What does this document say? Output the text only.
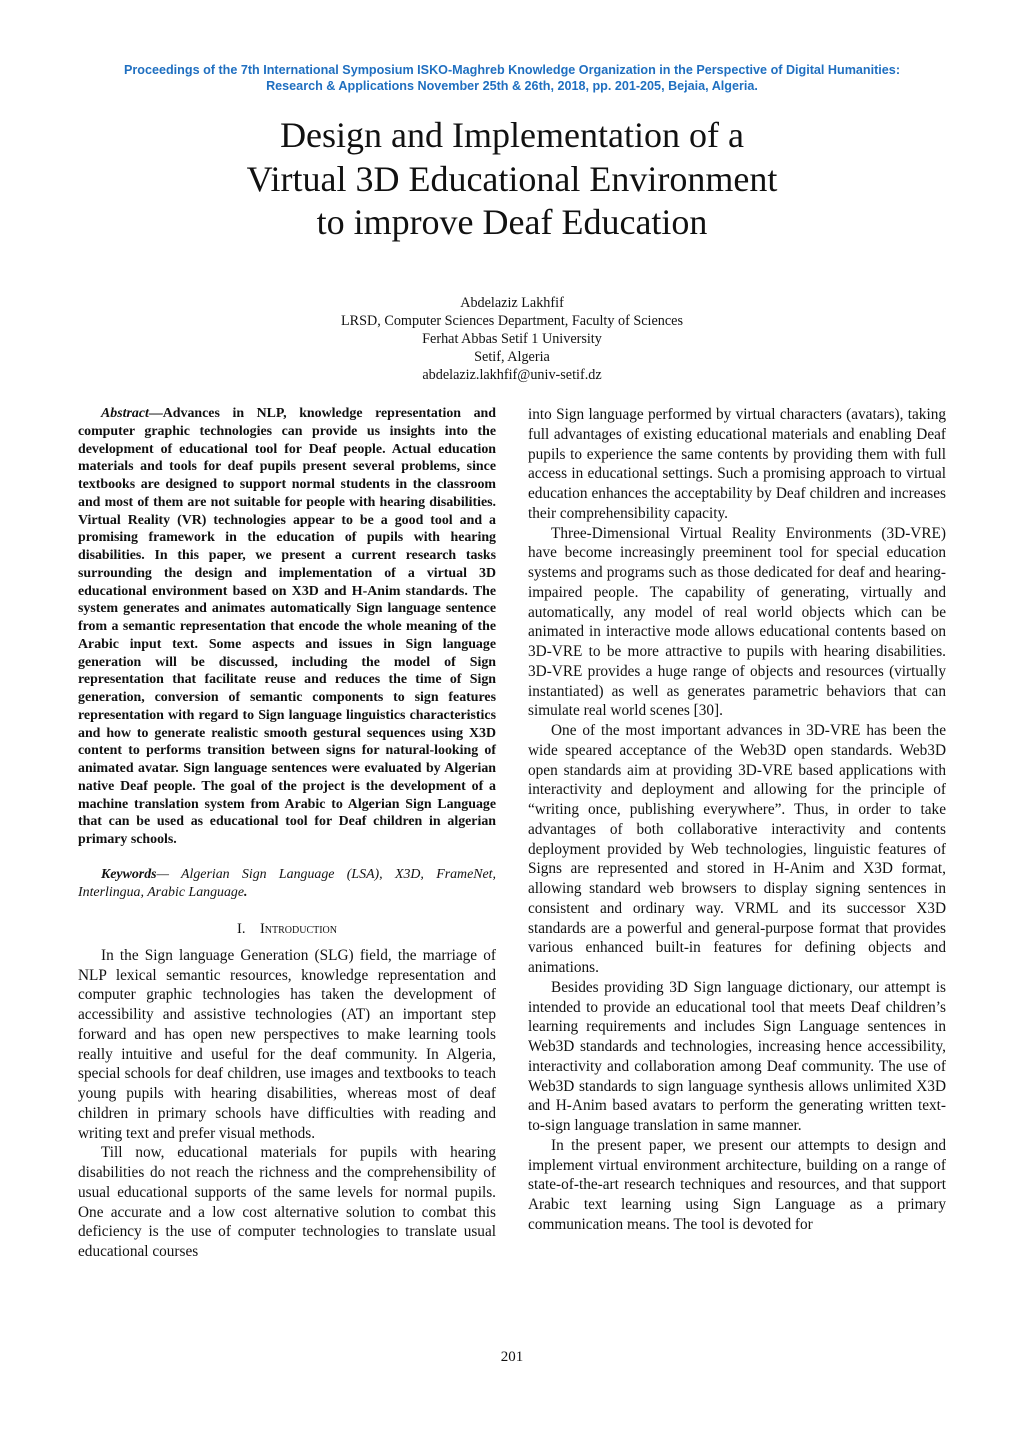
Proceedings of the 7th International Symposium ISKO-Maghreb Knowledge Organization in the Perspective of Digital Humanities:
Research & Applications November 25th & 26th, 2018, pp. 201-205, Bejaia, Algeria.
Design and Implementation of a
Virtual 3D Educational Environment
to improve Deaf Education
Abdelaziz Lakhfif
LRSD, Computer Sciences Department, Faculty of Sciences
Ferhat Abbas Setif 1 University
Setif, Algeria
abdelaziz.lakhfif@univ-setif.dz

Abstract—Advances in NLP, knowledge representation and computer graphic technologies can provide us insights into the development of educational tool for Deaf people. Actual education materials and tools for deaf pupils present several problems, since textbooks are designed to support normal students in the classroom and most of them are not suitable for people with hearing disabilities. Virtual Reality (VR) technologies appear to be a good tool and a promising framework in the education of pupils with hearing disabilities. In this paper, we present a current research tasks surrounding the design and implementation of a virtual 3D educational environment based on X3D and H-Anim standards. The system generates and animates automatically Sign language sentence from a semantic representation that encode the whole meaning of the Arabic input text. Some aspects and issues in Sign language generation will be discussed, including the model of Sign representation that facilitate reuse and reduces the time of Sign generation, conversion of semantic components to sign features representation with regard to Sign language linguistics characteristics and how to generate realistic smooth gestural sequences using X3D content to performs transition between signs for natural-looking of animated avatar. Sign language sentences were evaluated by Algerian native Deaf people. The goal of the project is the development of a machine translation system from Arabic to Algerian Sign Language that can be used as educational tool for Deaf children in algerian primary schools.

Keywords— Algerian Sign Language (LSA), X3D, FrameNet, Interlingua, Arabic Language.

I. Introduction

In the Sign language Generation (SLG) field, the marriage of NLP lexical semantic resources, knowledge representation and computer graphic technologies has taken the development of accessibility and assistive technologies (AT) an important step forward and has open new perspectives to make learning tools really intuitive and useful for the deaf community. In Algeria, special schools for deaf children, use images and textbooks to teach young pupils with hearing disabilities, whereas most of deaf children in primary schools have difficulties with reading and writing text and prefer visual methods.

Till now, educational materials for pupils with hearing disabilities do not reach the richness and the comprehensibility of usual educational supports of the same levels for normal pupils. One accurate and a low cost alternative solution to combat this deficiency is the use of computer technologies to translate usual educational courses

into Sign language performed by virtual characters (avatars), taking full advantages of existing educational materials and enabling Deaf pupils to experience the same contents by providing them with full access in educational settings. Such a promising approach to virtual education enhances the acceptability by Deaf children and increases their comprehensibility capacity.

Three-Dimensional Virtual Reality Environments (3D-VRE) have become increasingly preeminent tool for special education systems and programs such as those dedicated for deaf and hearing-impaired people. The capability of generating, virtually and automatically, any model of real world objects which can be animated in interactive mode allows educational contents based on 3D-VRE to be more attractive to pupils with hearing disabilities. 3D-VRE provides a huge range of objects and resources (virtually instantiated) as well as generates parametric behaviors that can simulate real world scenes [30].

One of the most important advances in 3D-VRE has been the wide speared acceptance of the Web3D open standards. Web3D open standards aim at providing 3D-VRE based applications with interactivity and deployment and allowing for the principle of “writing once, publishing everywhere”. Thus, in order to take advantages of both collaborative interactivity and contents deployment provided by Web technologies, linguistic features of Signs are represented and stored in H-Anim and X3D format, allowing standard web browsers to display signing sentences in consistent and ordinary way. VRML and its successor X3D standards are a powerful and general-purpose format that provides various enhanced built-in features for defining objects and animations.

Besides providing 3D Sign language dictionary, our attempt is intended to provide an educational tool that meets Deaf children’s learning requirements and includes Sign Language sentences in Web3D standards and technologies, increasing hence accessibility, interactivity and collaboration among Deaf community. The use of Web3D standards to sign language synthesis allows unlimited X3D and H-Anim based avatars to perform the generating written text-to-sign language translation in same manner.

In the present paper, we present our attempts to design and implement virtual environment architecture, building on a range of state-of-the-art research techniques and resources, and that support Arabic text learning using Sign Language as a primary communication means. The tool is devoted for

201
